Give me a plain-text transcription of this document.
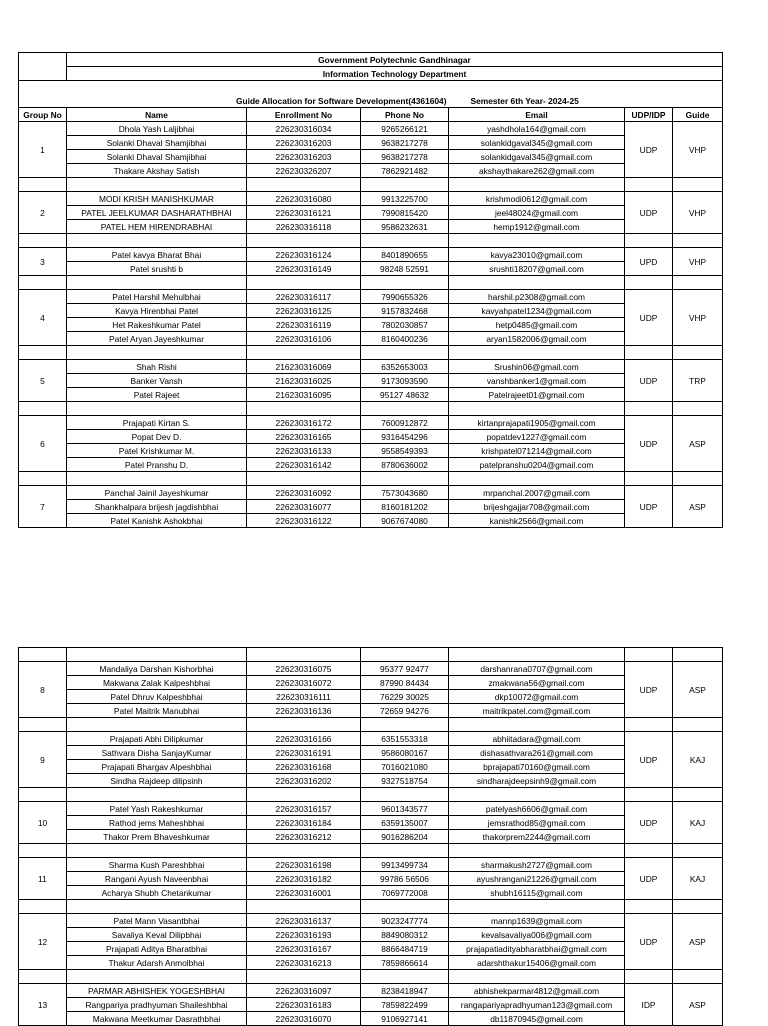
	Government Polytechnic Gandhinagar					
	Information Technology Department					

	Guide Allocation for Software Development(4361604)			Semester 6th Year- 2024-25		
Group No	Name	Enrollment No	Phone No	Email	UDP/IDP	Guide
1	Dhola Yash Laljibhai	226230316034	9265266121	yashdhola164@gmail.com	UDP	VHP
	Solanki Dhaval Shamjibhai	226230316203	9638217278	solankidgaval345@gmail.com		
	Solanki Dhaval Shamjibhai	226230316203	9638217278	solankidgaval345@gmail.com		
	Thakare Akshay Satish	226230326207	7862921482	akshaythakare262@gmail.com		

2	MODI KRISH MANISHKUMAR	226230316080	9913225700	krishmodi0612@gmail.com	UDP	VHP
	PATEL JEELKUMAR DASHARATHBHAI	226230316121	7990815420	jeel48024@gmail.com		
	PATEL HEM HIRENDRABHAI	226230316118	9586232631	hemp1912@gmail.com		

3	Patel kavya Bharat Bhai	226230316124	8401890655	kavya23010@gmail.com	UPD	VHP
	Patel srushti b	226230316149	98248 52591	srushti18207@gmail.com		

4	Patel Harshil Mehulbhai	226230316117	7990655326	harshil.p2308@gmail.com	UDP	VHP
	Kavya Hirenbhai Patel	226230316125	9157832468	kavyahpatel1234@gmail.com		
	Het Rakeshkumar Patel	226230316119	7802030857	hetp0485@gmail.com		
	Patel Aryan Jayeshkumar	226230316106	8160400236	aryan1582006@gmail.com		

5	Shah Rishi	216230316069	6352653003	Srushin06@gmail.com	UDP	TRP
	Banker Vansh	216230316025	9173093590	vanshbanker1@gmail.com		
	Patel Rajeet	216230316095	95127 48632	Patelrajeet01@gmail.com		

6	Prajapati Kirtan S.	226230316172	7600912872	kirtanprajapati1905@gmail.com	UDP	ASP
	Popat Dev D.	226230316165	9316454296	popatdev1227@gmail.com		
	Patel Krishkumar M.	226230316133	9558549393	krishpatel071214@gmail.com		
	Patel Pranshu D.	226230316142	8780636002	patelpranshu0204@gmail.com		

7	Panchal Jainil Jayeshkumar	226230316092	7573043680	mrpanchal.2007@gmail.com	UDP	ASP
	Shankhalpara brijesh jagdishbhai	226230316077	8160181202	brijeshgajjar708@gmail.com		
	Patel Kanishk Ashokbhai	226230316122	9067674080	kanishk2566@gmail.com		

8	Mandaliya Darshan Kishorbhai	226230316075	95377 92477	darshanrana0707@gmail.com	UDP	ASP
	Makwana Zalak Kalpeshbhai	226230316072	87990 84434	zmakwana56@gmail.com		
	Patel Dhruv Kalpeshbhai	226230316111	76229 30025	dkp10072@gmail.com		
	Patel Maitrik Manubhai	226230316136	72659 94276	maitrikpatel.com@gmail.com		

9	Prajapati Abhi Dilipkumar	226230316166	6351553318	abhiitadara@gmail.com	UDP	KAJ
	Sathvara Disha SanjayKumar	226230316191	9586080167	dishasathvara261@gmail.com		
	Prajapati Bhargav Alpeshbhai	226230316168	7016021080	bprajapati70160@gmail.com		
	Sindha Rajdeep dilipsinh	226230316202	9327518754	sindharajdeepsinh9@gmail.com		

10	Patel Yash Rakeshkumar	226230316157	9601343577	patelyash6606@gmail.com	UDP	KAJ
	Rathod jems Maheshbhai	226230316184	6359135007	jemsrathod85@gmail.com		
	Thakor Prem Bhaveshkumar	226230316212	9016286204	thakorprem2244@gmail.com		

11	Sharma Kush Pareshbhai	226230316198	9913499734	sharmakush2727@gmail.com	UDP	KAJ
	Rangani Ayush Naveenbhai	226230316182	99786 56506	ayushrangani21226@gmail.com		
	Acharya Shubh Chetankumar	226230316001	7069772008	shubh16115@gmail.com		

12	Patel Mann Vasantbhai	226230316137	9023247774	mannp1639@gmail.com	UDP	ASP
	Savaliya Keval Dilipbhai	226230316193	8849080312	kevalsavaliya006@gmail.com		
	Prajapati Aditya Bharatbhai	226230316167	8866484719	prajapatiadityabharatbhai@gmail.com		
	Thakur Adarsh Anmolbhai	226230316213	7859866614	adarshthakur15406@gmail.com		

13	PARMAR ABHISHEK YOGESHBHAI	226230316097	8238418947	abhishekparmar4812@gmail.com	IDP	ASP
	Rangpariya pradhyuman Shaileshbhai	226230316183	7859822499	rangapariyapradhyuman123@gmail.com		
	Makwana Meetkumar Dasrathbhai	226230316070	9106927141	db11870945@gmail.com		
